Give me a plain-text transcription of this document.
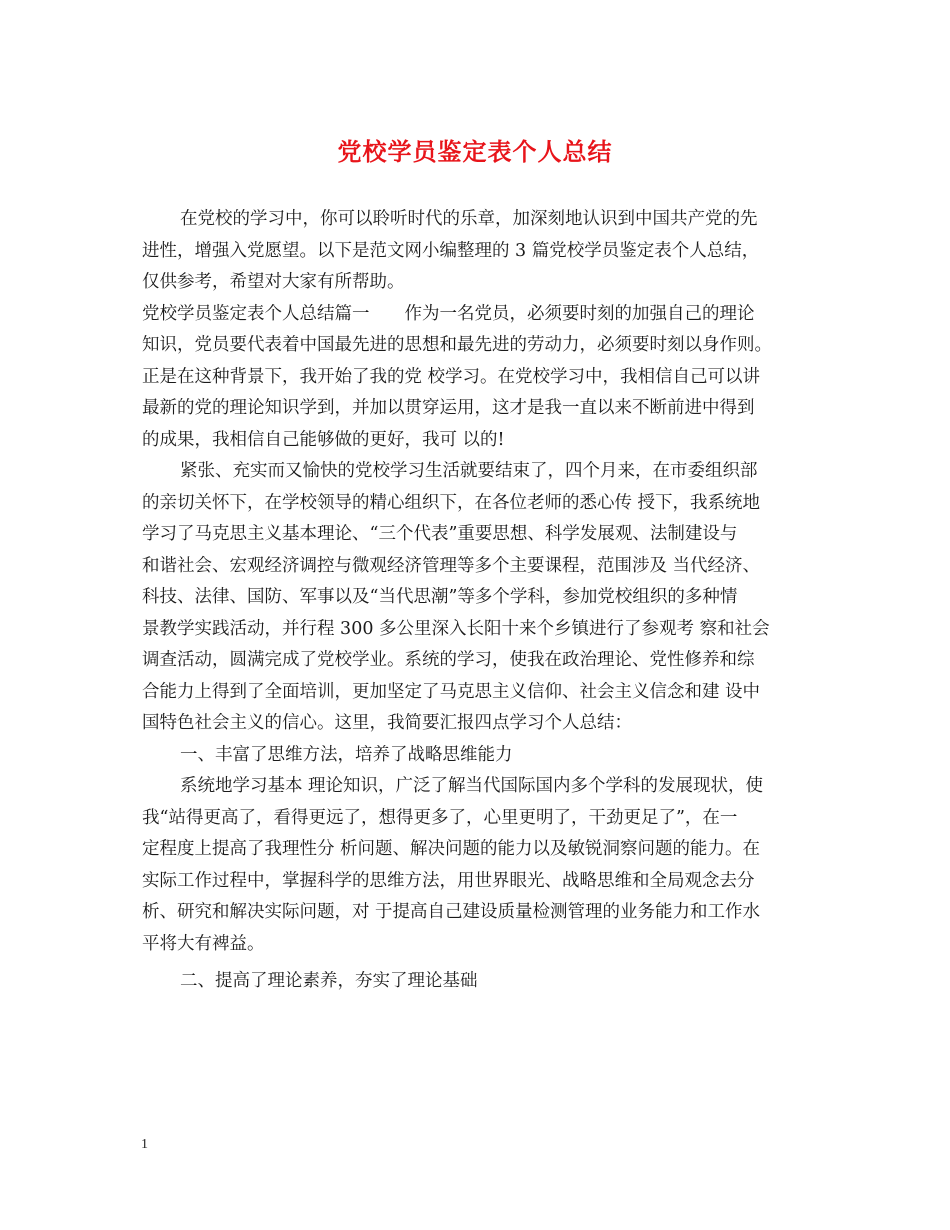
党校学员鉴定表个人总结
在党校的学习中，你可以聆听时代的乐章，加深刻地认识到中国共产党的先
进性，增强入党愿望。以下是范文网小编整理的 3 篇党校学员鉴定表个人总结，
仅供参考，希望对大家有所帮助。
党校学员鉴定表个人总结篇一　　作为一名党员，必须要时刻的加强自己的理论
知识，党员要代表着中国最先进的思想和最先进的劳动力，必须要时刻以身作则。
正是在这种背景下，我开始了我的党 校学习。在党校学习中，我相信自己可以讲
最新的党的理论知识学到，并加以贯穿运用，这才是我一直以来不断前进中得到
的成果，我相信自己能够做的更好，我可 以的!
紧张、充实而又愉快的党校学习生活就要结束了，四个月来，在市委组织部
的亲切关怀下，在学校领导的精心组织下，在各位老师的悉心传 授下，我系统地
学习了马克思主义基本理论、“三个代表”重要思想、科学发展观、法制建设与
和谐社会、宏观经济调控与微观经济管理等多个主要课程，范围涉及 当代经济、
科技、法律、国防、军事以及“当代思潮”等多个学科，参加党校组织的多种情
景教学实践活动，并行程 300 多公里深入长阳十来个乡镇进行了参观考 察和社会
调查活动，圆满完成了党校学业。系统的学习，使我在政治理论、党性修养和综
合能力上得到了全面培训，更加坚定了马克思主义信仰、社会主义信念和建 设中
国特色社会主义的信心。这里，我简要汇报四点学习个人总结：
一、丰富了思维方法，培养了战略思维能力
系统地学习基本 理论知识，广泛了解当代国际国内多个学科的发展现状，使
我“站得更高了，看得更远了，想得更多了，心里更明了，干劲更足了”，在一
定程度上提高了我理性分 析问题、解决问题的能力以及敏锐洞察问题的能力。在
实际工作过程中，掌握科学的思维方法，用世界眼光、战略思维和全局观念去分
析、研究和解决实际问题，对 于提高自己建设质量检测管理的业务能力和工作水
平将大有裨益。
二、提高了理论素养，夯实了理论基础
1
